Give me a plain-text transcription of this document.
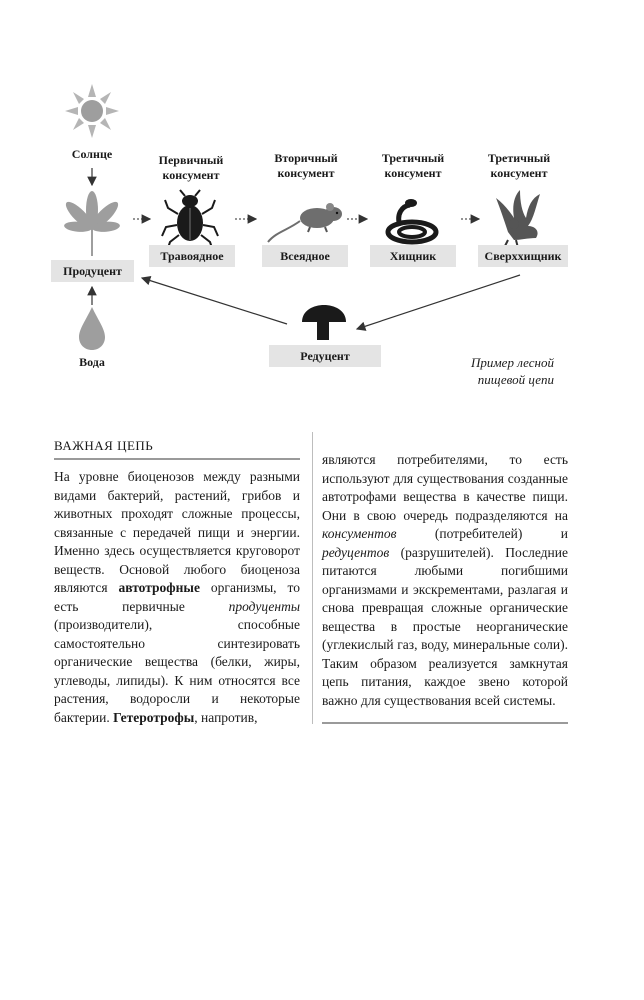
Солнце
Продуцент
Вода
Первичный
консумент
Травоядное
Вторичный
консумент
Всеядное
Третичный
консумент
Хищник
Третичный
консумент
Сверххищник
Редуцент	Пример лесной
пищевой цепи
ВАЖНАЯ ЦЕПЬ
На уровне биоценозов между разными видами бактерий, растений, грибов и животных проходят сложные процессы, связанные с передачей пищи и энергии. Именно здесь осуществляется круговорот веществ. Основой любого биоценоза являются автотрофные организмы, то есть первичные продуценты (производители), способные самостоятельно синтезировать органические вещества (белки, жиры, углеводы, липиды). К ним относятся все растения, водоросли и некоторые бактерии. Гетеротрофы, напротив,
являются потребителями, то есть используют для существования созданные автотрофами вещества в качестве пищи. Они в свою очередь подразделяются на консументов (потребителей) и редуцентов (разрушителей). Последние питаются любыми погибшими организмами и экскрементами, разлагая и снова превращая сложные органические вещества в простые неорганические (углекислый газ, воду, минеральные соли). Таким образом реализуется замкнутая цепь питания, каждое звено которой важно для существования всей системы.
